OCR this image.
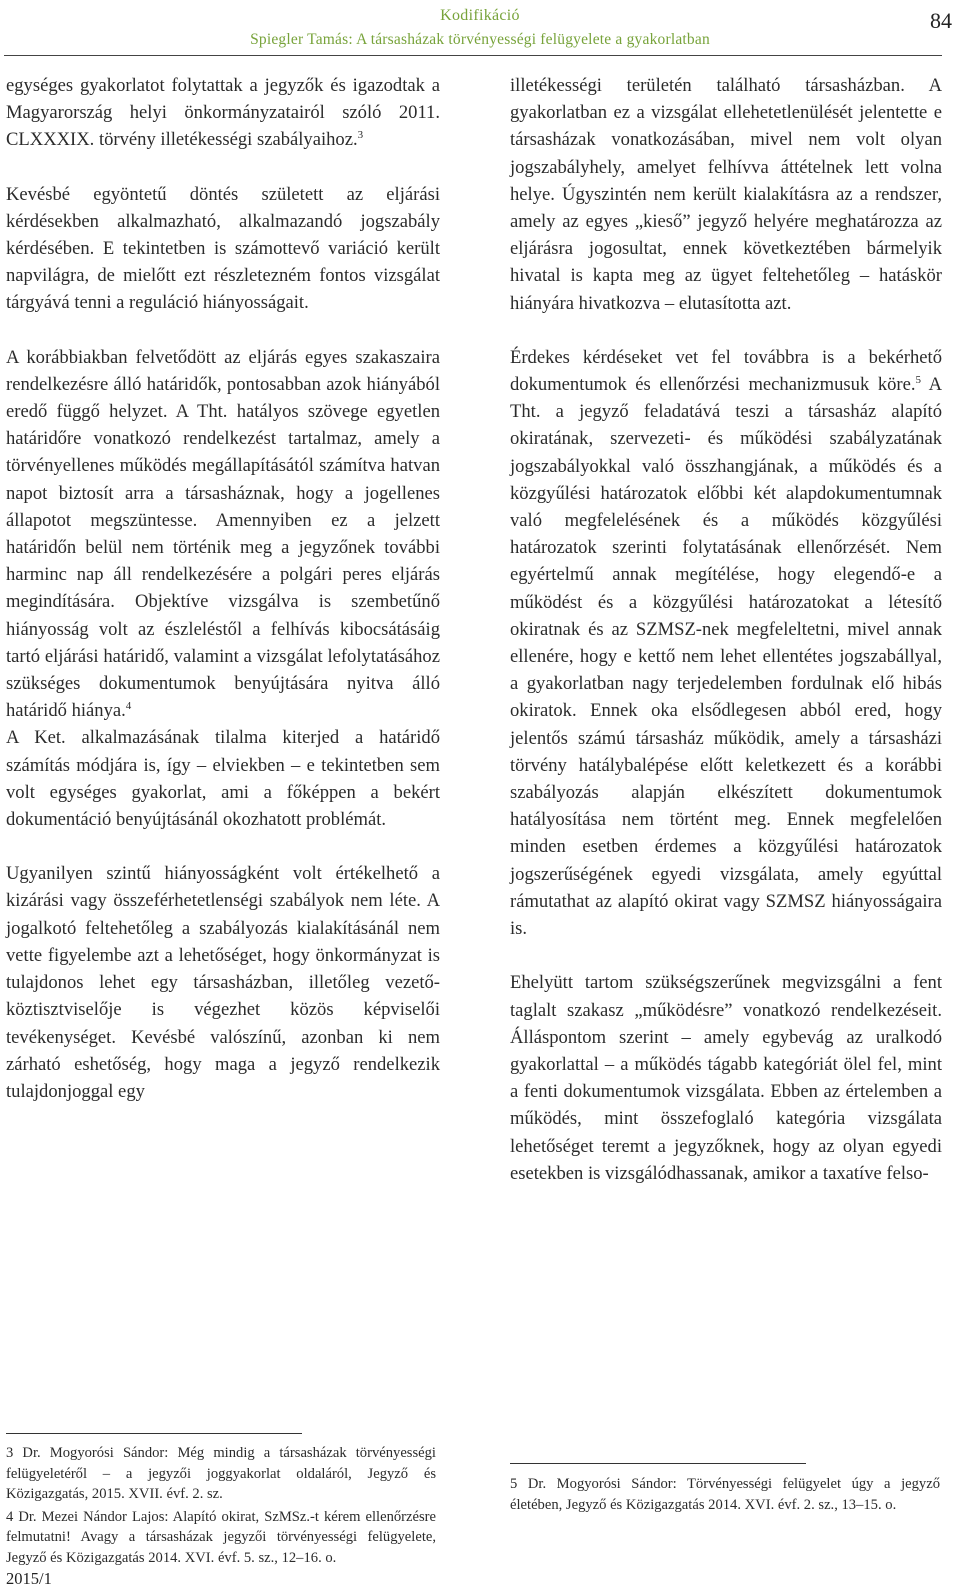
Kodifikáció
Spiegler Tamás: A társasházak törvényességi felügyelete a gyakorlatban
84

egységes gyakorlatot folytattak a jegyzők és igazodtak a Magyarország helyi önkormányzatairól szóló 2011. CLXXXIX. törvény illetékességi szabályaihoz.$^3$

Kevésbé egyöntetű döntés született az eljárási kérdésekben alkalmazható, alkalmazandó jogszabály kérdésében. E tekintetben is számottevő variáció került napvilágra, de mielőtt ezt részletezném fontos vizsgálat tárgyává tenni a reguláció hiányosságait.

A korábbiakban felvetődött az eljárás egyes szakaszaira rendelkezésre álló határidők, pontosabban azok hiányából eredő függő helyzet. A Tht. hatályos szövege egyetlen határidőre vonatkozó rendelkezést tartalmaz, amely a törvényellenes működés megállapításától számítva hatvan napot biztosít arra a társasháznak, hogy a jogellenes állapotot megszüntesse. Amennyiben ez a jelzett határidőn belül nem történik meg a jegyzőnek további harminc nap áll rendelkezésére a polgári peres eljárás megindítására. Objektíve vizsgálva is szembetűnő hiányosság volt az észleléstől a felhívás kibocsátásáig tartó eljárási határidő, valamint a vizsgálat lefolytatásához szükséges dokumentumok benyújtására nyitva álló határidő hiánya.$^4$

A Ket. alkalmazásának tilalma kiterjed a határidő számítás módjára is, így – elviekben – e tekintetben sem volt egységes gyakorlat, ami a főképpen a bekért dokumentáció benyújtásánál okozhatott problémát.

Ugyanilyen szintű hiányosságként volt értékelhető a kizárási vagy összeférhetetlenségi szabályok nem léte. A jogalkotó feltehetőleg a szabályozás kialakításánál nem vette figyelembe azt a lehetőséget, hogy önkormányzat is tulajdonos lehet egy társasházban, illetőleg vezető-köztisztviselője is végezhet közös képviselői tevékenységet. Kevésbé valószínű, azonban ki nem zárható eshetőség, hogy maga a jegyző rendelkezik tulajdonjoggal egy

illetékességi területén található társasházban. A gyakorlatban ez a vizsgálat ellehetetlenülését jelentette e társasházak vonatkozásában, mivel nem volt olyan jogszabályhely, amelyet felhívva áttételnek lett volna helye. Úgyszintén nem került kialakításra az a rendszer, amely az egyes „kieső” jegyző helyére meghatározza az eljárásra jogosultat, ennek következtében bármelyik hivatal is kapta meg az ügyet feltehetőleg – hatáskör hiányára hivatkozva – elutasította azt.

Érdekes kérdéseket vet fel továbbra is a bekérhető dokumentumok és ellenőrzési mechanizmusuk köre.$^5$ A Tht. a jegyző feladatává teszi a társasház alapító okiratának, szervezeti- és működési szabályzatának jogszabályokkal való összhangjának, a működés és a közgyűlési határozatok előbbi két alapdokumentumnak való megfelelésének és a működés közgyűlési határozatok szerinti folytatásának ellenőrzését. Nem egyértelmű annak megítélése, hogy elegendő-e a működést és a közgyűlési határozatokat a létesítő okiratnak és az SZMSZ-nek megfeleltetni, mivel annak ellenére, hogy e kettő nem lehet ellentétes jogszabállyal, a gyakorlatban nagy terjedelemben fordulnak elő hibás okiratok. Ennek oka elsődlegesen abból ered, hogy jelentős számú társasház működik, amely a társasházi törvény hatálybalépése előtt keletkezett és a korábbi szabályozás alapján elkészített dokumentumok hatályosítása nem történt meg. Ennek megfelelően minden esetben érdemes a közgyűlési határozatok jogszerűségének egyedi vizsgálata, amely egyúttal rámutathat az alapító okirat vagy SZMSZ hiányosságaira is.

Ehelyütt tartom szükségszerűnek megvizsgálni a fent taglalt szakasz „működésre” vonatkozó rendelkezéseit. Álláspontom szerint – amely egybevág az uralkodó gyakorlattal – a működés tágabb kategóriát ölel fel, mint a fenti dokumentumok vizsgálata. Ebben az értelemben a működés, mint összefoglaló kategória vizsgálata lehetőséget teremt a jegyzőknek, hogy az olyan egyedi esetekben is vizsgálódhassanak, amikor a taxatíve felso-

3 Dr. Mogyorósi Sándor: Még mindig a társasházak törvényességi felügyeletéről – a jegyzői joggyakorlat oldaláról, Jegyző és Közigazgatás, 2015. XVII. évf. 2. sz.

4 Dr. Mezei Nándor Lajos: Alapító okirat, SzMSz.-t kérem ellenőrzésre felmutatni! Avagy a társasházak jegyzői törvényességi felügyelete, Jegyző és Közigazgatás 2014. XVI. évf. 5. sz., 12–16. o.

5 Dr. Mogyorósi Sándor: Törvényességi felügyelet úgy a jegyző életében, Jegyző és Közigazgatás 2014. XVI. évf. 2. sz., 13–15. o.

2015/1
